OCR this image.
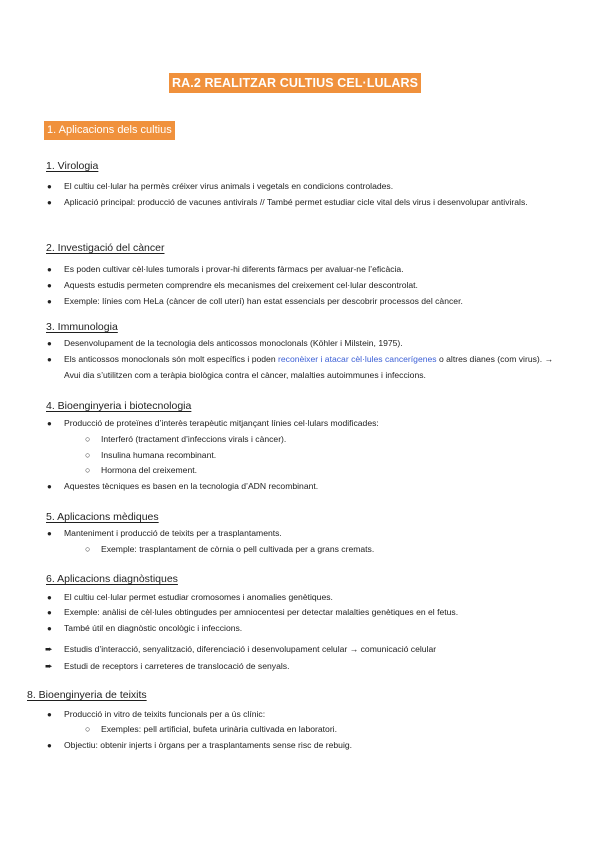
RA.2 REALITZAR CULTIUS CEL·LULARS
1. Aplicacions dels cultius
1. Virologia
● El cultiu cel·lular ha permès créixer virus animals i vegetals en condicions controlades.
● Aplicació principal: producció de vacunes antivirals // També permet estudiar cicle vital dels virus i desenvolupar antivirals.
2. Investigació del càncer
● Es poden cultivar cèl·lules tumorals i provar-hi diferents fàrmacs per avaluar-ne l’eficàcia.
● Aquests estudis permeten comprendre els mecanismes del creixement cel·lular descontrolat.
● Exemple: línies com HeLa (càncer de coll uterí) han estat essencials per descobrir processos del càncer.
3. Immunologia
● Desenvolupament de la tecnologia dels anticossos monoclonals (Köhler i Milstein, 1975).
● Els anticossos monoclonals són molt específics i poden reconèixer i atacar cèl·lules cancerígenes o altres dianes (com virus). → Avui dia s’utilitzen com a teràpia biològica contra el càncer, malalties autoimmunes i infeccions.
4. Bioenginyeria i biotecnologia
● Producció de proteïnes d’interès terapèutic mitjançant línies cel·lulars modificades:
○ Interferó (tractament d’infeccions virals i càncer).
○ Insulina humana recombinant.
○ Hormona del creixement.
● Aquestes tècniques es basen en la tecnologia d’ADN recombinant.
5. Aplicacions mèdiques
● Manteniment i producció de teixits per a trasplantaments.
○ Exemple: trasplantament de còrnia o pell cultivada per a grans cremats.
6. Aplicacions diagnòstiques
● El cultiu cel·lular permet estudiar cromosomes i anomalies genètiques.
● Exemple: anàlisi de cèl·lules obtingudes per amniocentesi per detectar malalties genètiques en el fetus.
● També útil en diagnòstic oncològic i infeccions.
➨ Estudis d’interacció, senyalització, diferenciació i desenvolupament celular → comunicació celular
➨ Estudi de receptors i carreteres de translocació de senyals.
8. Bioenginyeria de teixits
● Producció in vitro de teixits funcionals per a ús clínic:
○ Exemples: pell artificial, bufeta urinària cultivada en laboratori.
● Objectiu: obtenir injerts i òrgans per a trasplantaments sense risc de rebuig.
